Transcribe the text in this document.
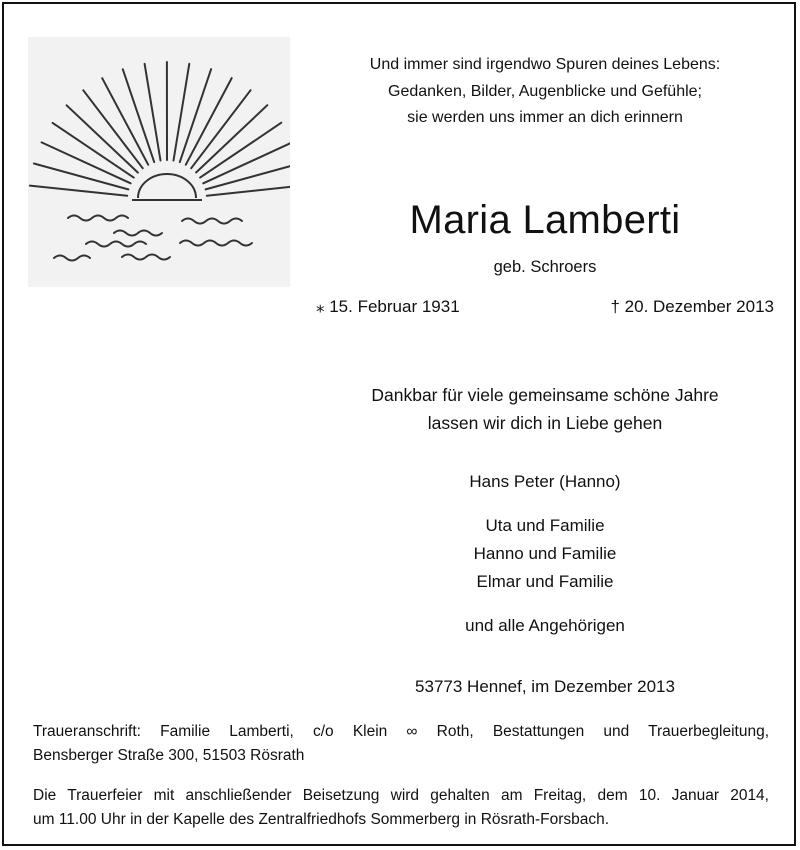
Und immer sind irgendwo Spuren deines Lebens:
Gedanken, Bilder, Augenblicke und Gefühle;
sie werden uns immer an dich erinnern
Maria Lamberti
geb. Schroers
⁎ 15. Februar 1931	† 20. Dezember 2013
Dankbar für viele gemeinsame schöne Jahre
lassen wir dich in Liebe gehen
Hans Peter (Hanno)
Uta und Familie
Hanno und Familie
Elmar und Familie
und alle Angehörigen
53773 Hennef, im Dezember 2013
Traueranschrift: Familie Lamberti, c/o Klein ∞ Roth, Bestattungen und Trauerbegleitung,
Bensberger Straße 300, 51503 Rösrath
Die Trauerfeier mit anschließender Beisetzung wird gehalten am Freitag, dem 10. Januar 2014,
um 11.00 Uhr in der Kapelle des Zentralfriedhofs Sommerberg in Rösrath-Forsbach.
